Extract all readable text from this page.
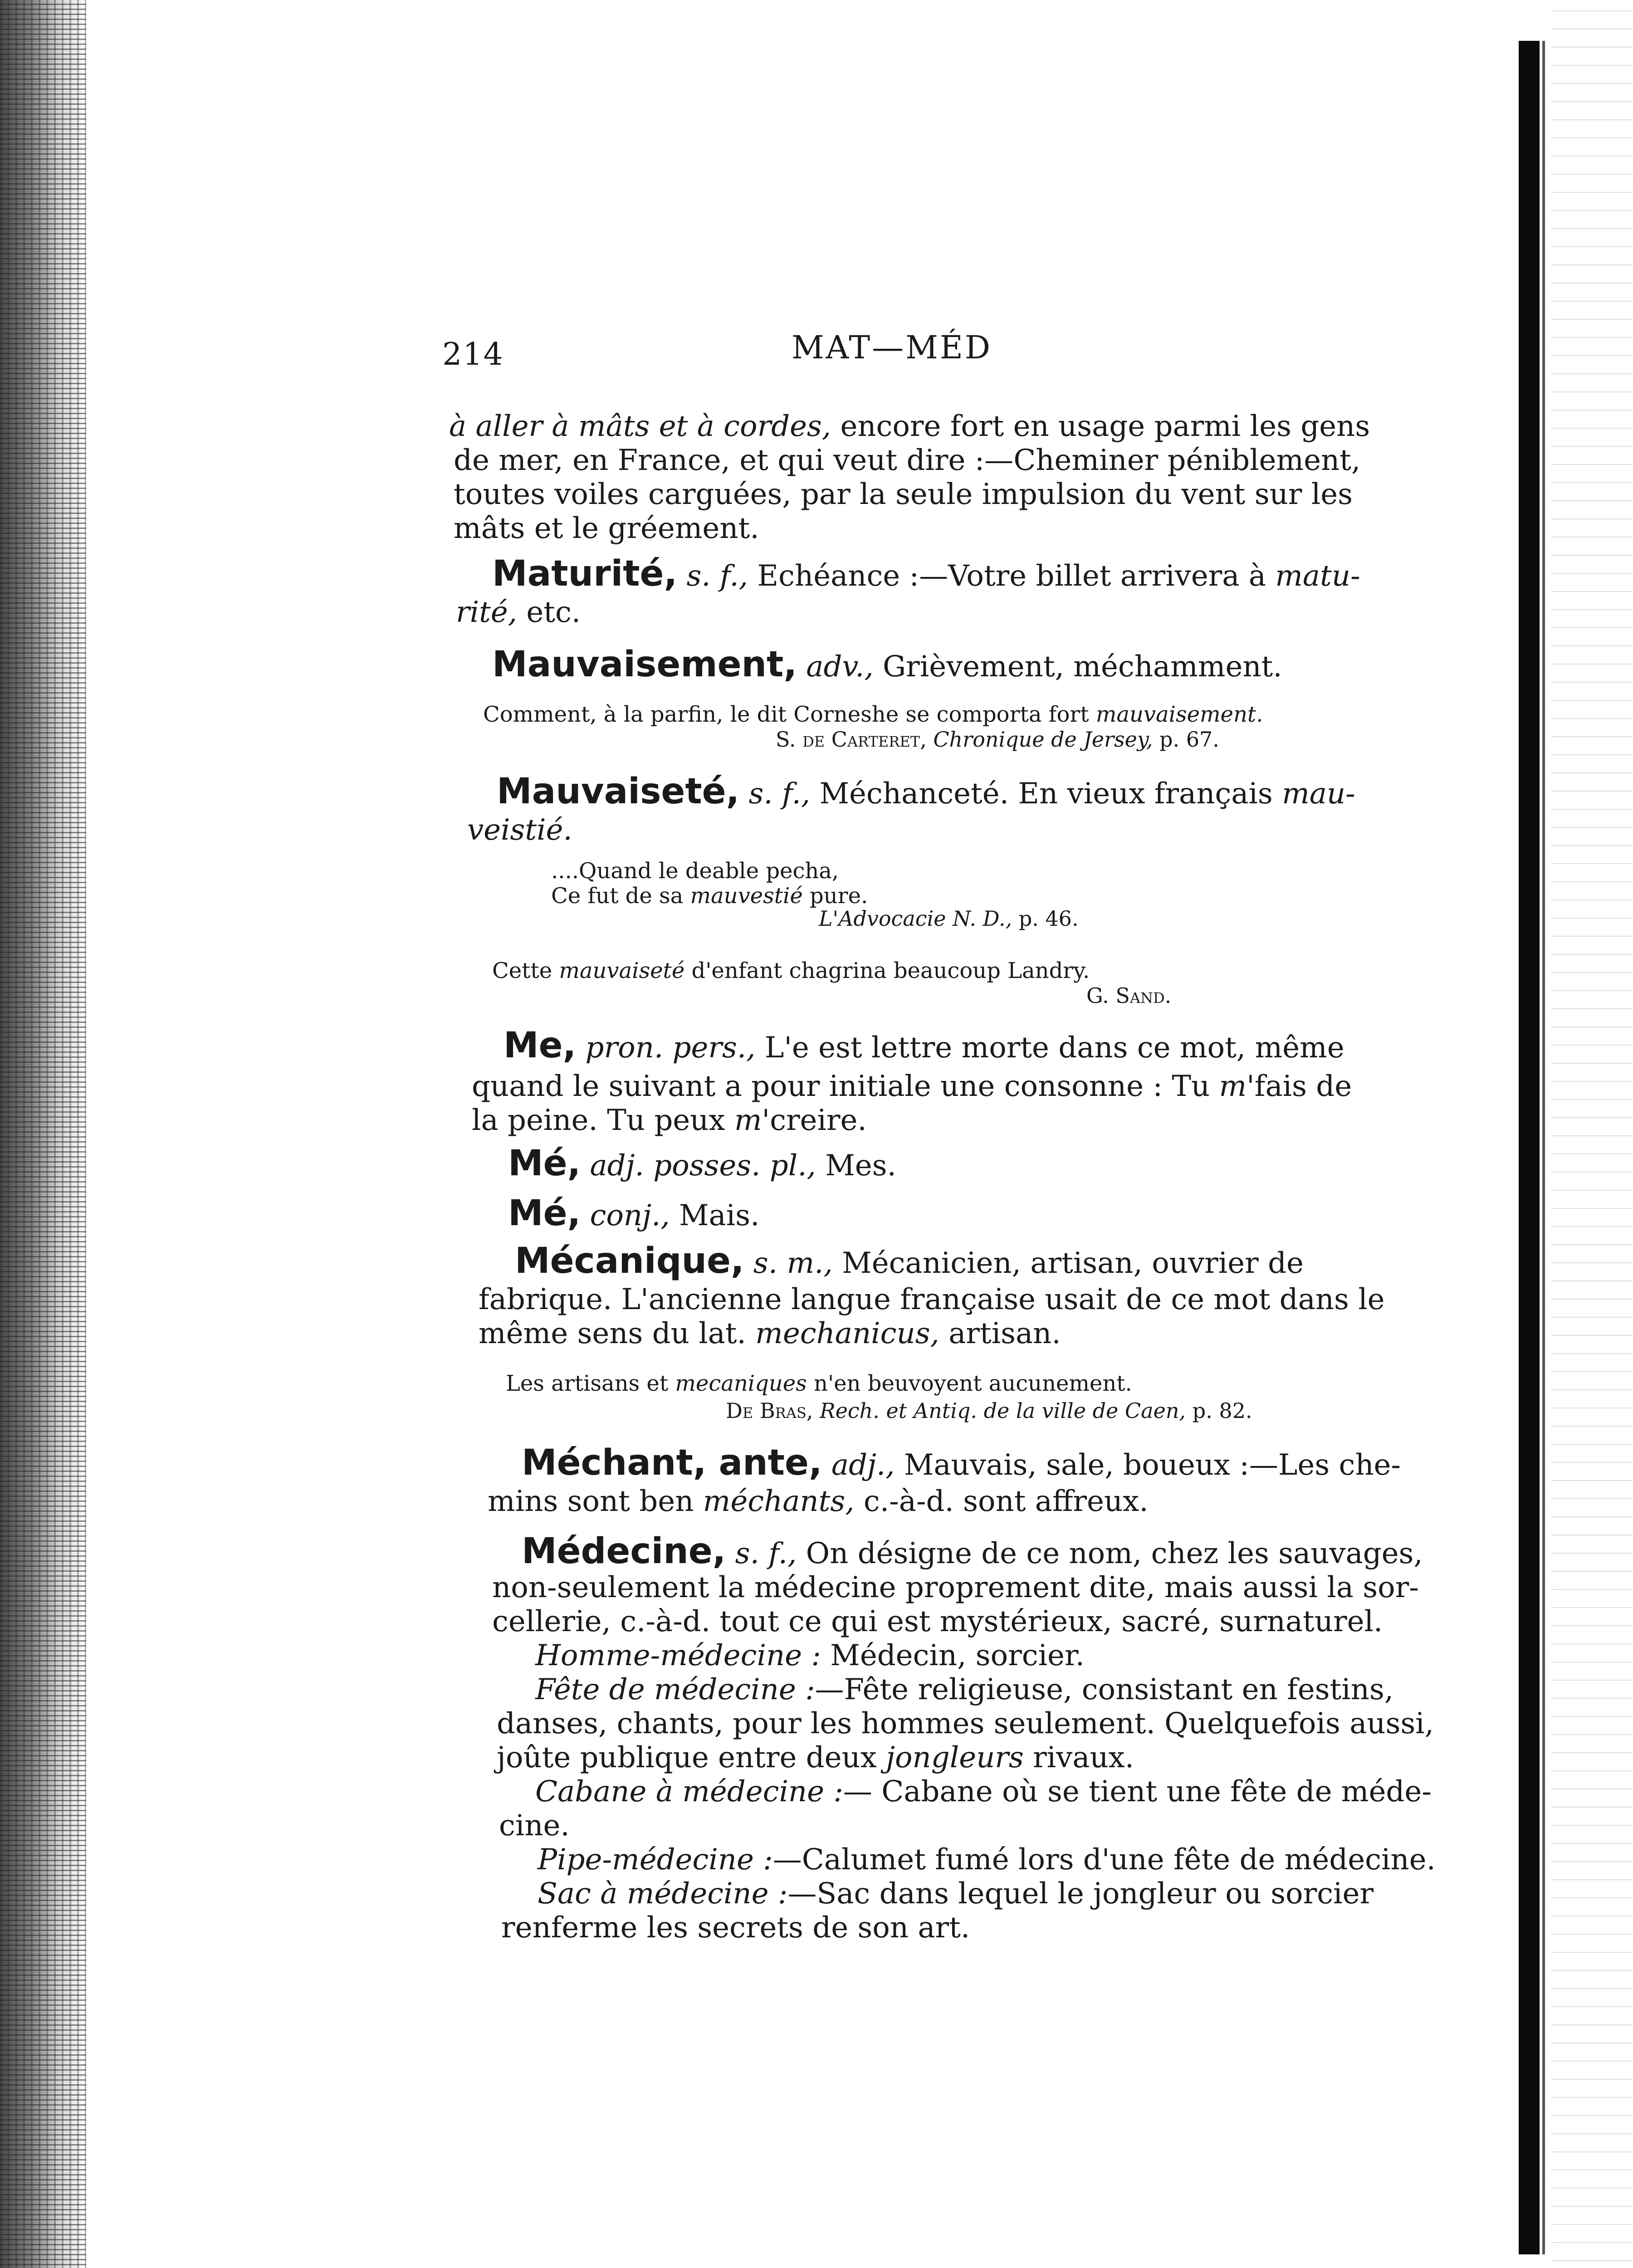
214	MAT—MÉD
à aller à mâts et à cordes, encore fort en usage parmi les gens
de mer, en France, et qui veut dire :—Cheminer péniblement,
toutes voiles carguées, par la seule impulsion du vent sur les
mâts et le gréement.
Maturité, s. f., Echéance :—Votre billet arrivera à matu-
rité, etc.
Mauvaisement, adv., Grièvement, méchamment.
Comment, à la parfin, le dit Corneshe se comporta fort mauvaisement.
S. de Carteret, Chronique de Jersey, p. 67.
Mauvaiseté, s. f., Méchanceté. En vieux français mau-
veistié.
....Quand le deable pecha,
Ce fut de sa mauvestié pure.
L'Advocacie N. D., p. 46.
Cette mauvaiseté d'enfant chagrina beaucoup Landry.
G. Sand.
Me, pron. pers., L'e est lettre morte dans ce mot, même
quand le suivant a pour initiale une consonne : Tu m'fais de
la peine. Tu peux m'creire.
Mé, adj. posses. pl., Mes.
Mé, conj., Mais.
Mécanique, s. m., Mécanicien, artisan, ouvrier de
fabrique. L'ancienne langue française usait de ce mot dans le
même sens du lat. mechanicus, artisan.
Les artisans et mecaniques n'en beuvoyent aucunement.
De Bras, Rech. et Antiq. de la ville de Caen, p. 82.
Méchant, ante, adj., Mauvais, sale, boueux :—Les che-
mins sont ben méchants, c.-à-d. sont affreux.
Médecine, s. f., On désigne de ce nom, chez les sauvages,
non-seulement la médecine proprement dite, mais aussi la sor-
cellerie, c.-à-d. tout ce qui est mystérieux, sacré, surnaturel.
Homme-médecine : Médecin, sorcier.
Fête de médecine :—Fête religieuse, consistant en festins,
danses, chants, pour les hommes seulement. Quelquefois aussi,
joûte publique entre deux jongleurs rivaux.
Cabane à médecine :— Cabane où se tient une fête de méde-
cine.
Pipe-médecine :—Calumet fumé lors d'une fête de médecine.
Sac à médecine :—Sac dans lequel le jongleur ou sorcier
renferme les secrets de son art.
